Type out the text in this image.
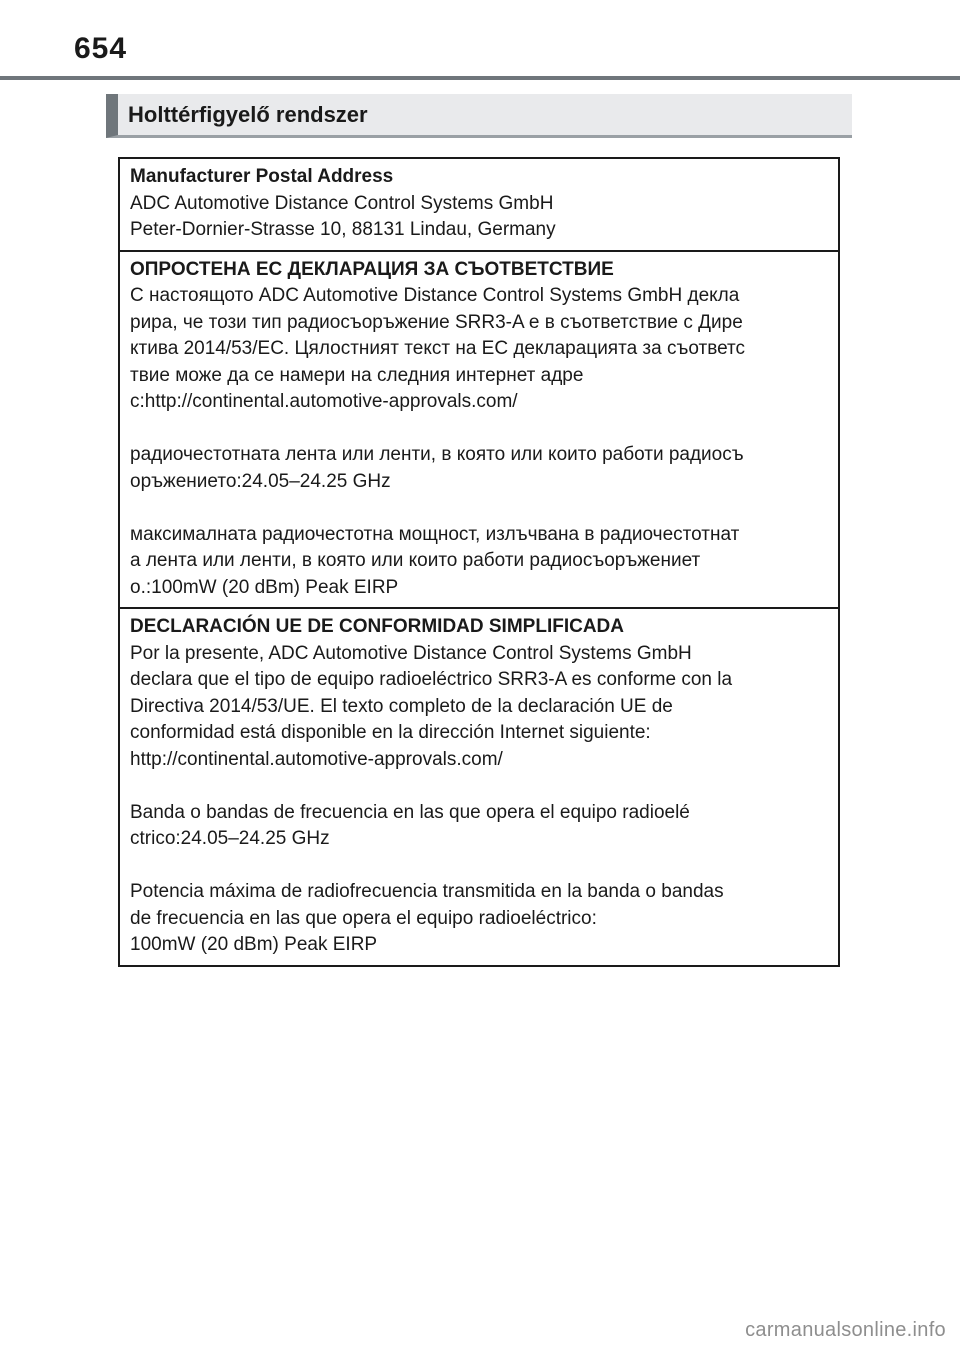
654
Holttérfigyelő rendszer

Manufacturer Postal Address

ADC Automotive Distance Control Systems GmbH

Peter-Dornier-Strasse 10, 88131 Lindau, Germany

ОПРОСТЕНА ЕС ДЕКЛАРАЦИЯ ЗА СЪОТВЕТСТВИЕ

С настоящото ADC Automotive Distance Control Systems GmbH декла

рира, че този тип радиосъоръжение SRR3-A е в съответствие с Дире

ктива 2014/53/ЕС. Цялостният текст на ЕС декларацията за съответс

твие може да се намери на следния интернет адре

c:http://continental.automotive-approvals.com/

радиочестотната лента или ленти, в която или които работи радиосъ

оръжението:24.05–24.25 GHz

максималната радиочестотна мощност, излъчвана в радиочестотнат

а лента или ленти, в която или които работи радиосъоръжениет

о.:100mW (20 dBm) Peak EIRP

DECLARACIÓN UE DE CONFORMIDAD SIMPLIFICADA

Por la presente, ADC Automotive Distance Control Systems GmbH

declara que el tipo de equipo radioeléctrico SRR3-A es conforme con la

Directiva 2014/53/UE. El texto completo de la declaración UE de

conformidad está disponible en la dirección Internet siguiente:

http://continental.automotive-approvals.com/

Banda o bandas de frecuencia en las que opera el equipo radioelé

ctrico:24.05–24.25 GHz

Potencia máxima de radiofrecuencia transmitida en la banda o bandas

de frecuencia en las que opera el equipo radioeléctrico:

100mW (20 dBm) Peak EIRP

carmanualsonline.info
